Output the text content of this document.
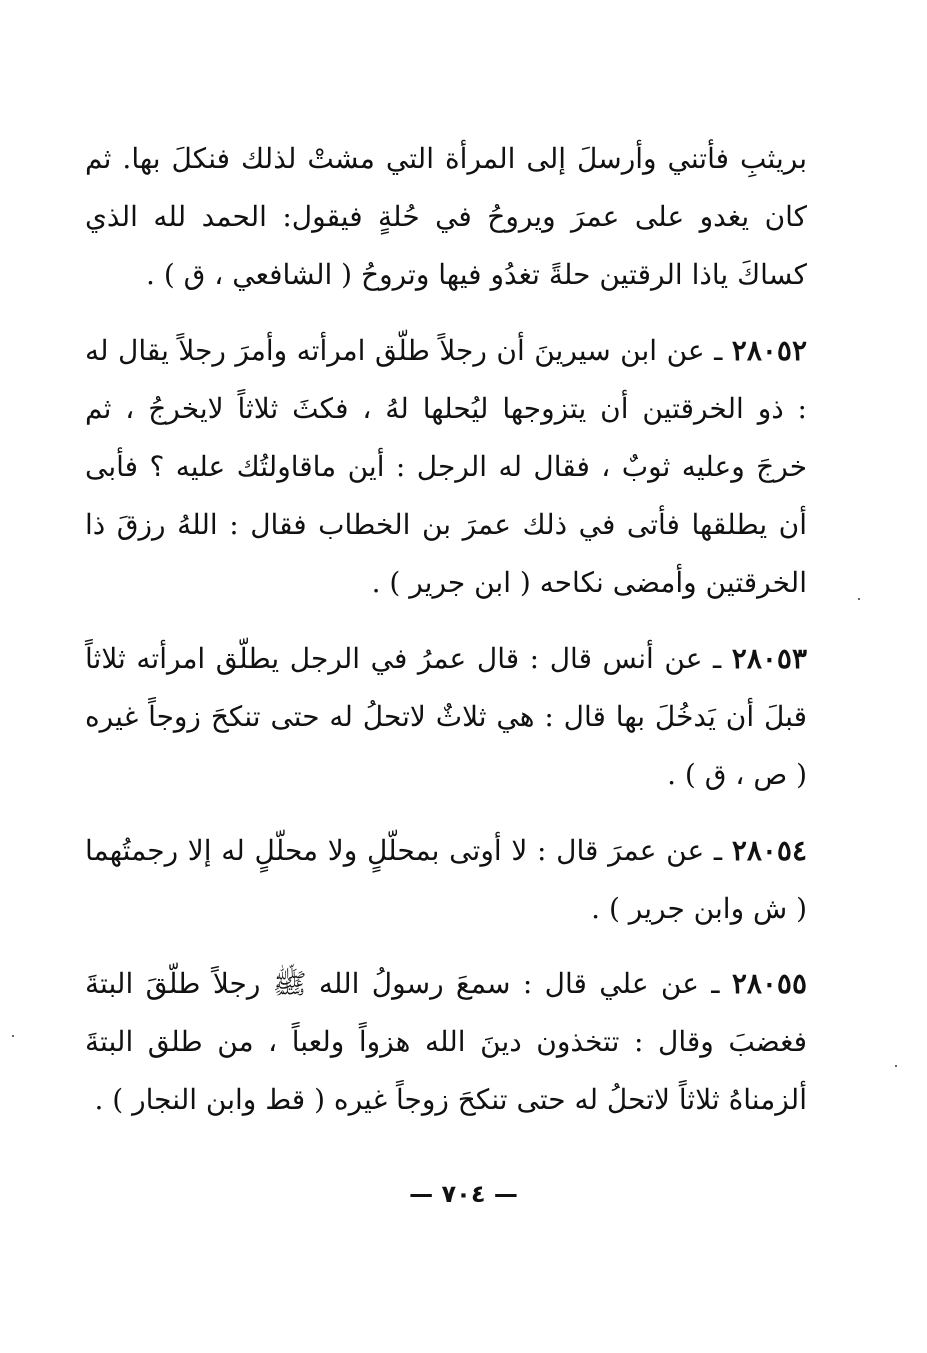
بريثبِ فأتني وأرسلَ إلى المرأة التي مشتْ لذلك فنكلَ بها. ثم كان يغدو على عمرَ ويروحُ في حُلةٍ فيقول: الحمد لله الذي كساكَ ياذا الرقتين حلةً تغدُو فيها وتروحُ ( الشافعي ، ق ) .
٢٨٠٥٢ ـ عن ابن سيرينَ أن رجلاً طلّق امرأته وأمرَ رجلاً يقال له : ذو الخرقتين أن يتزوجها ليُحلها لهُ ، فكثَ ثلاثاً لايخرجُ ، ثم خرجَ وعليه ثوبٌ ، فقال له الرجل : أين ماقاولتُك عليه ؟ فأبى أن يطلقها فأتى في ذلك عمرَ بن الخطاب فقال : اللهُ رزقَ ذا الخرقتين وأمضى نكاحه ( ابن جرير ) .
٢٨٠٥٣ ـ عن أنس قال : قال عمرُ في الرجل يطلّق امرأته ثلاثاً قبلَ أن يَدخُلَ بها قال : هي ثلاثٌ لاتحلُ له حتى تنكحَ زوجاً غيره ( ص ، ق ) .
٢٨٠٥٤ ـ عن عمرَ قال : لا أوتى بمحلّلٍ ولا محلّلٍ له إلا رجمتُهما ( ش وابن جرير ) .
٢٨٠٥٥ ـ عن علي قال : سمعَ رسولُ الله ﷺ رجلاً طلّقَ البتةَ فغضبَ وقال : تتخذون دينَ الله هزواً ولعباً ، من طلق البتةَ ألزمناهُ ثلاثاً لاتحلُ له حتى تنكحَ زوجاً غيره ( قط وابن النجار ) .
— ٧٠٤ —
